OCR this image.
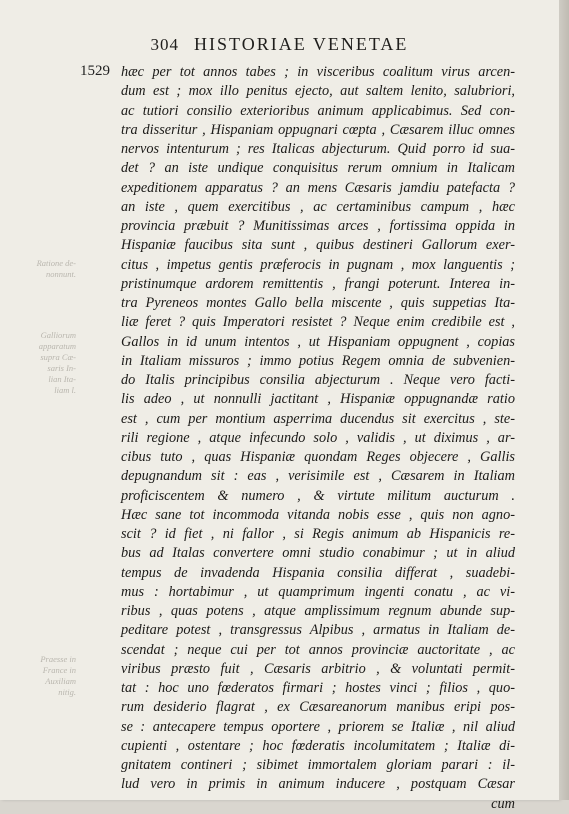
304 HISTORIAE VENETAE
1529
Ratione de- nonnunt.
Galliorum
apparatum
supra Cæ-
saris In-
lian Ita-
liam l.
Praesse in
France in
Auxiliam
nitig.
hæc per tot annos tabes ; in visceribus coalitum virus arcen-
dum est ; mox illo penitus ejecto, aut saltem lenito, salubriori,
ac tutiori consilio exterioribus animum applicabimus. Sed con-
tra disseritur , Hispaniam oppugnari cœpta , Cæsarem illuc omnes
nervos intenturum ; res Italicas abjecturum. Quid porro id sua-
det ? an iste undique conquisitus rerum omnium in Italicam
expeditionem apparatus ? an mens Cæsaris jamdiu patefacta ?
an iste , quem exercitibus , ac certaminibus campum , hæc
provincia præbuit ? Munitissimas arces , fortissima oppida in
Hispaniæ faucibus sita sunt , quibus destineri Gallorum exer-
citus , impetus gentis præferocis in pugnam , mox languentis ;
pristinumque ardorem remittentis , frangi poterunt. Interea in-
tra Pyreneos montes Gallo bella miscente , quis suppetias Ita-
liæ feret ? quis Imperatori resistet ? Neque enim credibile est ,
Gallos in id unum intentos , ut Hispaniam oppugnent , copias
in Italiam missuros ; immo potius Regem omnia de subvenien-
do Italis principibus consilia abjecturum . Neque vero facti-
lis adeo , ut nonnulli jactitant , Hispaniæ oppugnandæ ratio
est , cum per montium asperrima ducendus sit exercitus , ste-
rili regione , atque infecundo solo , validis , ut diximus , ar-
cibus tuto , quas Hispaniæ quondam Reges objecere , Gallis
depugnandum sit : eas , verisimile est , Cæsarem in Italiam
proficiscentem & numero , & virtute militum aucturum .
Hæc sane tot incommoda vitanda nobis esse , quis non agno-
scit ? id fiet , ni fallor , si Regis animum ab Hispanicis re-
bus ad Italas convertere omni studio conabimur ; ut in aliud
tempus de invadenda Hispania consilia differat , suadebi-
mus : hortabimur , ut quamprimum ingenti conatu , ac vi-
ribus , quas potens , atque amplissimum regnum abunde sup-
peditare potest , transgressus Alpibus , armatus in Italiam de-
scendat ; neque cui per tot annos provinciæ auctoritate , ac
viribus præsto fuit , Cæsaris arbitrio , & voluntati permit-
tat : hoc uno fœderatos firmari ; hostes vinci ; filios , quo-
rum desiderio flagrat , ex Cæsareanorum manibus eripi pos-
se : antecapere tempus oportere , priorem se Italiæ , nil aliud
cupienti , ostentare ; hoc fœderatis incolumitatem ; Italiæ di-
gnitatem contineri ; sibimet immortalem gloriam parari : il-
lud vero in primis in animum inducere , postquam Cæsar
cum
